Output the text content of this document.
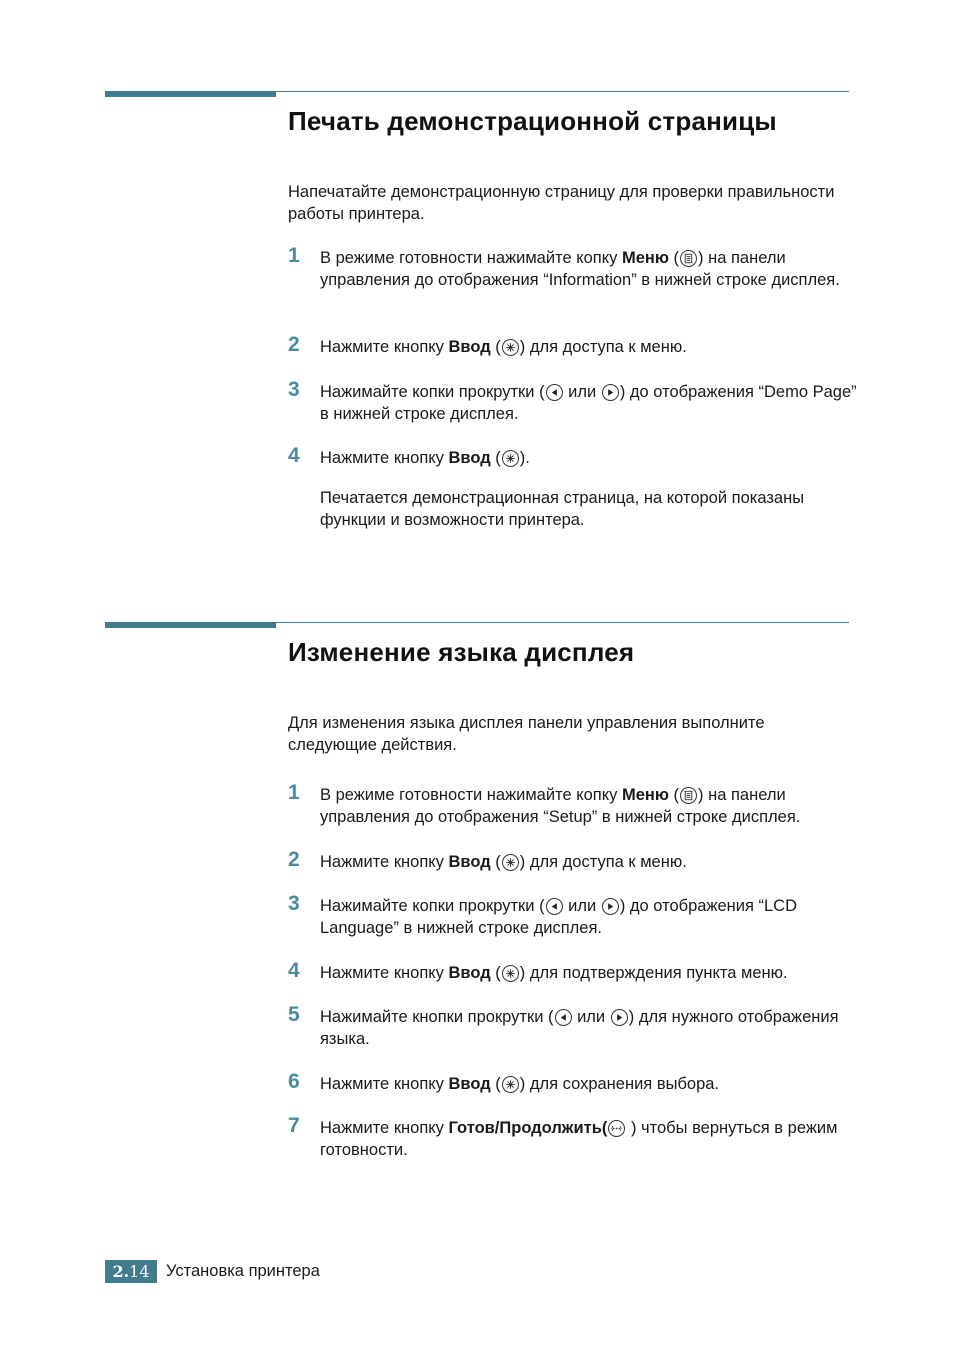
Печать демонстрационной страницы

Напечатайте демонстрационную страницу для проверки правильности работы принтера.

1	В режиме готовности нажимайте копку Меню ( ) на панели управления до отображения “Information” в нижней строке дисплея.
2	Нажмите кнопку Ввод ( ) для доступа к меню.
3	Нажимайте копки прокрутки (
или
) до отображения “Demo Page” в нижней строке дисплея.
4	Нажмите кнопку Ввод ( ).
Печатается демонстрационная страница, на которой показаны функции и возможности принтера.
Изменение языка дисплея

Для изменения языка дисплея панели управления выполните следующие действия.

1	В режиме готовности нажимайте копку Меню ( ) на панели управления до отображения “Setup” в нижней строке дисплея.
2	Нажмите кнопку Ввод ( ) для доступа к меню.
3	Нажимайте копки прокрутки (
или
) до отображения “LCD Language” в нижней строке дисплея.
4	Нажмите кнопку Ввод ( ) для подтверждения пункта меню.
5	Нажимайте кнопки прокрутки (
или
) для нужного отображения языка.
6	Нажмите кнопку Ввод ( ) для сохранения выбора.
7	Нажмите кнопку Готов/Продолжить(
) чтобы вернуться в режим готовности.
2. 14 Установка принтера
